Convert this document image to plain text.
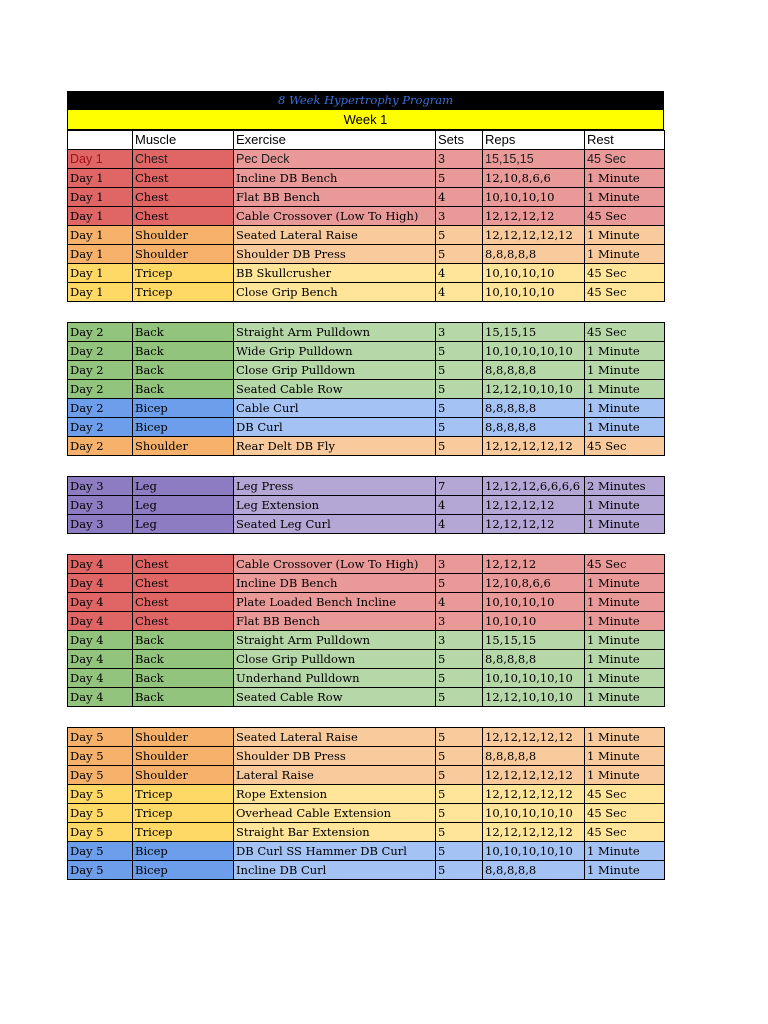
8 Week Hypertrophy Program
Week 1
	Muscle	Exercise	Sets	Reps	Rest
Day 1	Chest	Pec Deck	3	15,15,15	45 Sec
Day 1	Chest	Incline DB Bench	5	12,10,8,6,6	1 Minute
Day 1	Chest	Flat BB Bench	4	10,10,10,10	1 Minute
Day 1	Chest	Cable Crossover (Low To High)	3	12,12,12,12	45 Sec
Day 1	Shoulder	Seated Lateral Raise	5	12,12,12,12,12	1 Minute
Day 1	Shoulder	Shoulder DB Press	5	8,8,8,8,8	1 Minute
Day 1	Tricep	BB Skullcrusher	4	10,10,10,10	45 Sec
Day 1	Tricep	Close Grip Bench	4	10,10,10,10	45 Sec

Day 2	Back	Straight Arm Pulldown	3	15,15,15	45 Sec
Day 2	Back	Wide Grip Pulldown	5	10,10,10,10,10	1 Minute
Day 2	Back	Close Grip Pulldown	5	8,8,8,8,8	1 Minute
Day 2	Back	Seated Cable Row	5	12,12,10,10,10	1 Minute
Day 2	Bicep	Cable Curl	5	8,8,8,8,8	1 Minute
Day 2	Bicep	DB Curl	5	8,8,8,8,8	1 Minute
Day 2	Shoulder	Rear Delt DB Fly	5	12,12,12,12,12	45 Sec

Day 3	Leg	Leg Press	7	12,12,12,6,6,6,6	2 Minutes
Day 3	Leg	Leg Extension	4	12,12,12,12	1 Minute
Day 3	Leg	Seated Leg Curl	4	12,12,12,12	1 Minute

Day 4	Chest	Cable Crossover (Low To High)	3	12,12,12	45 Sec
Day 4	Chest	Incline DB Bench	5	12,10,8,6,6	1 Minute
Day 4	Chest	Plate Loaded Bench Incline	4	10,10,10,10	1 Minute
Day 4	Chest	Flat BB Bench	3	10,10,10	1 Minute
Day 4	Back	Straight Arm Pulldown	3	15,15,15	1 Minute
Day 4	Back	Close Grip Pulldown	5	8,8,8,8,8	1 Minute
Day 4	Back	Underhand Pulldown	5	10,10,10,10,10	1 Minute
Day 4	Back	Seated Cable Row	5	12,12,10,10,10	1 Minute

Day 5	Shoulder	Seated Lateral Raise	5	12,12,12,12,12	1 Minute
Day 5	Shoulder	Shoulder DB Press	5	8,8,8,8,8	1 Minute
Day 5	Shoulder	Lateral Raise	5	12,12,12,12,12	1 Minute
Day 5	Tricep	Rope Extension	5	12,12,12,12,12	45 Sec
Day 5	Tricep	Overhead Cable Extension	5	10,10,10,10,10	45 Sec
Day 5	Tricep	Straight Bar Extension	5	12,12,12,12,12	45 Sec
Day 5	Bicep	DB Curl SS Hammer DB Curl	5	10,10,10,10,10	1 Minute
Day 5	Bicep	Incline DB Curl	5	8,8,8,8,8	1 Minute
